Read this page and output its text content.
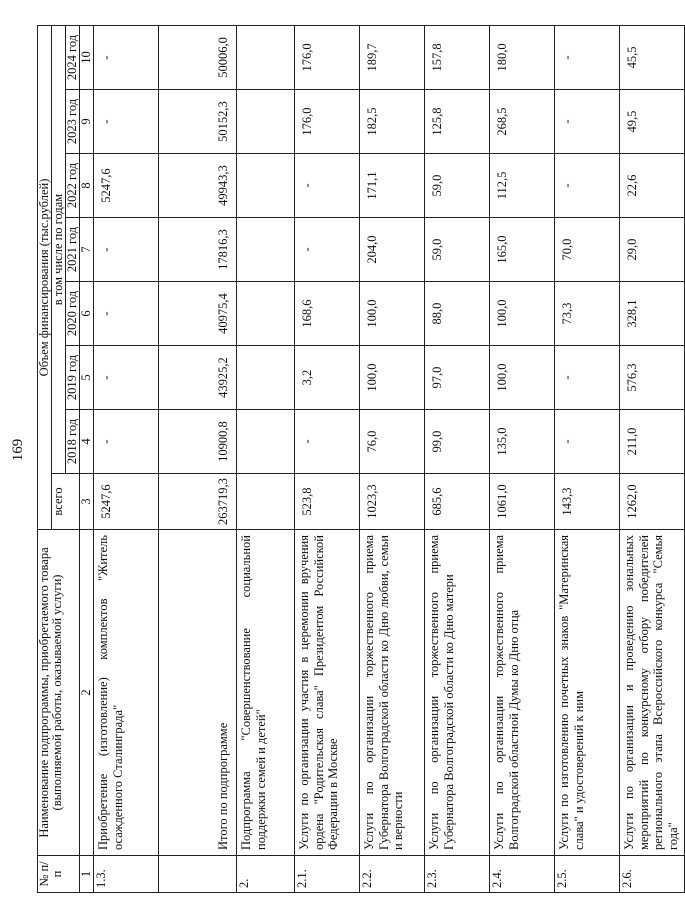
169
№ п/п	Наименование подпрограммы, приобретаемого товара (выполняемой работы, оказываемой услуги)	Объем финансирования (тыс.рублей)							
		всего	в том числе по годам						
			2018 год	2019 год	2020 год	2021 год	2022 год	2023 год	2024 год
1	2	3	4	5	6	7	8	9	10
1.3.	Приобретение (изготовление) комплектов "Житель осажденного Сталинграда"	5247,6	-	-	-	-	5247,6	-	-
	Итого по подпрограмме	263719,3	10900,8	43925,2	40975,4	17816,3	49943,3	50152,3	50006,0
2.	Подпрограмма "Совершенствование социальной поддержки семей и детей"								
2.1.	Услуги по организации участия в церемонии вручения ордена "Родительская слава" Президентом Российской Федерации в Москве	523,8	-	3,2	168,6	-	-	176,0	176,0
2.2.	Услуги по организации торжественного приема Губернатора Волгоградской области ко Дню любви, семьи и верности	1023,3	76,0	100,0	100,0	204,0	171,1	182,5	189,7
2.3.	Услуги по организации торжественного приема Губернатора Волгоградской области ко Дню матери	685,6	99,0	97,0	88,0	59,0	59,0	125,8	157,8
2.4.	Услуги по организации торжественного приема Волгоградской областной Думы ко Дню отца	1061,0	135,0	100,0	100,0	165,0	112,5	268,5	180,0
2.5.	Услуги по изготовлению почетных знаков "Материнская слава" и удостоверений к ним	143,3	-	-	73,3	70,0	-	-	-
2.6.	Услуги по организации и проведению зональных мероприятий по конкурсному отбору победителей регионального этапа Всероссийского конкурса "Семья года"	1262,0	211,0	576,3	328,1	29,0	22,6	49,5	45,5
